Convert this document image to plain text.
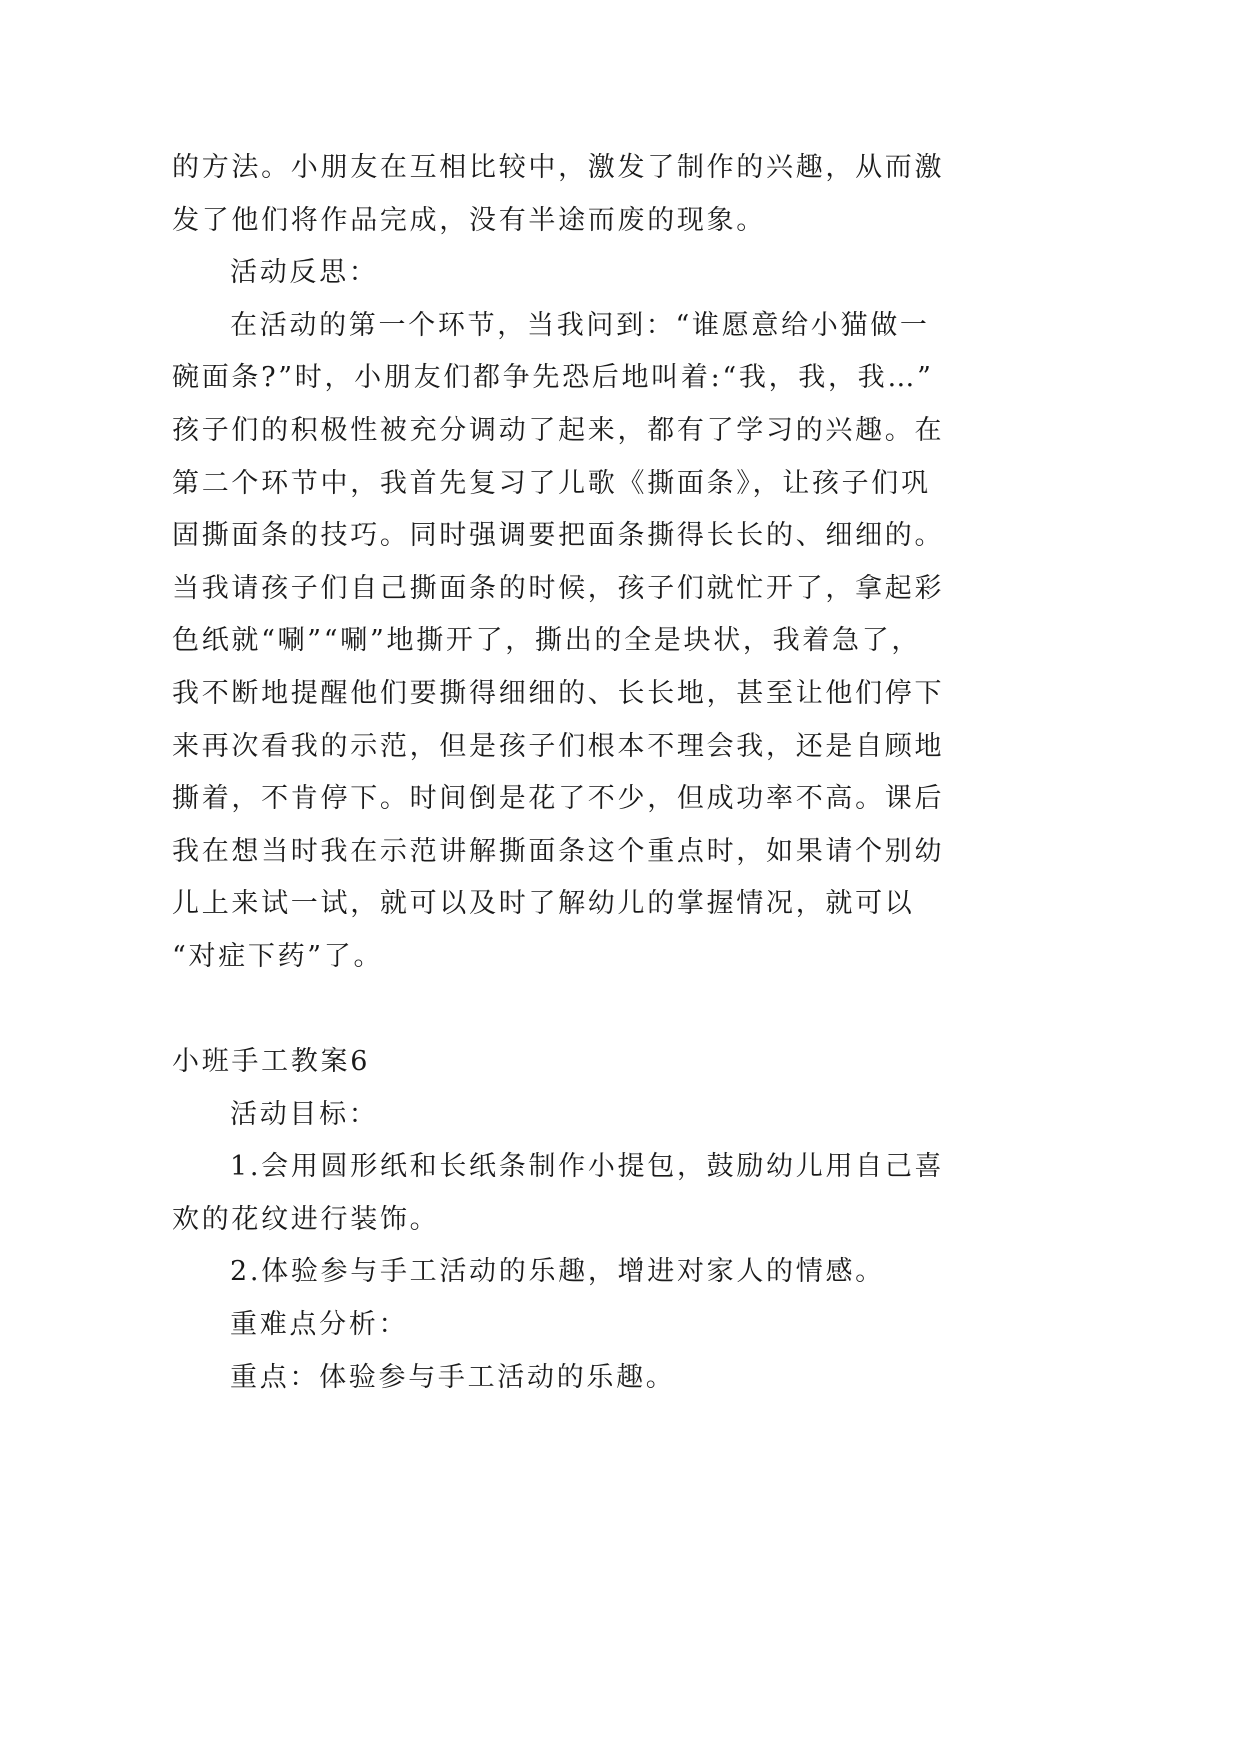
的方法。小朋友在互相比较中，激发了制作的兴趣，从而激
发了他们将作品完成，没有半途而废的现象。
活动反思：
在活动的第一个环节，当我问到：“谁愿意给小猫做一
碗面条?”时，小朋友们都争先恐后地叫着:“我，我，我…”
孩子们的积极性被充分调动了起来，都有了学习的兴趣。在
第二个环节中，我首先复习了儿歌《撕面条》，让孩子们巩
固撕面条的技巧。同时强调要把面条撕得长长的、细细的。
当我请孩子们自己撕面条的时候，孩子们就忙开了，拿起彩
色纸就“唰”“唰”地撕开了，撕出的全是块状，我着急了，
我不断地提醒他们要撕得细细的、长长地，甚至让他们停下
来再次看我的示范，但是孩子们根本不理会我，还是自顾地
撕着，不肯停下。时间倒是花了不少，但成功率不高。课后
我在想当时我在示范讲解撕面条这个重点时，如果请个别幼
儿上来试一试，就可以及时了解幼儿的掌握情况，就可以
“对症下药”了。
小班手工教案6
活动目标：
1.会用圆形纸和长纸条制作小提包，鼓励幼儿用自己喜
欢的花纹进行装饰。
2.体验参与手工活动的乐趣，增进对家人的情感。
重难点分析：
重点：体验参与手工活动的乐趣。
